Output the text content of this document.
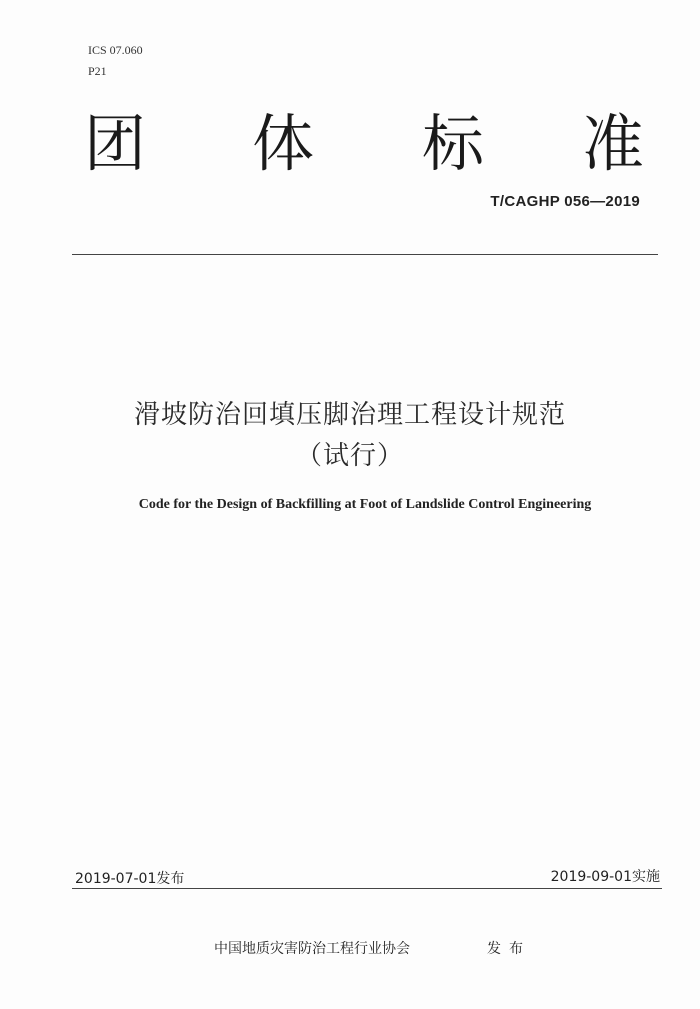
ICS 07.060
P21
团 体 标 准
T/CAGHP 056—2019
滑坡防治回填压脚治理工程设计规范
（试行）
Code for the Design of Backfilling at Foot of Landslide Control Engineering
2019-07-01发布	2019-09-01实施
中国地质灾害防治工程行业协会	发布
